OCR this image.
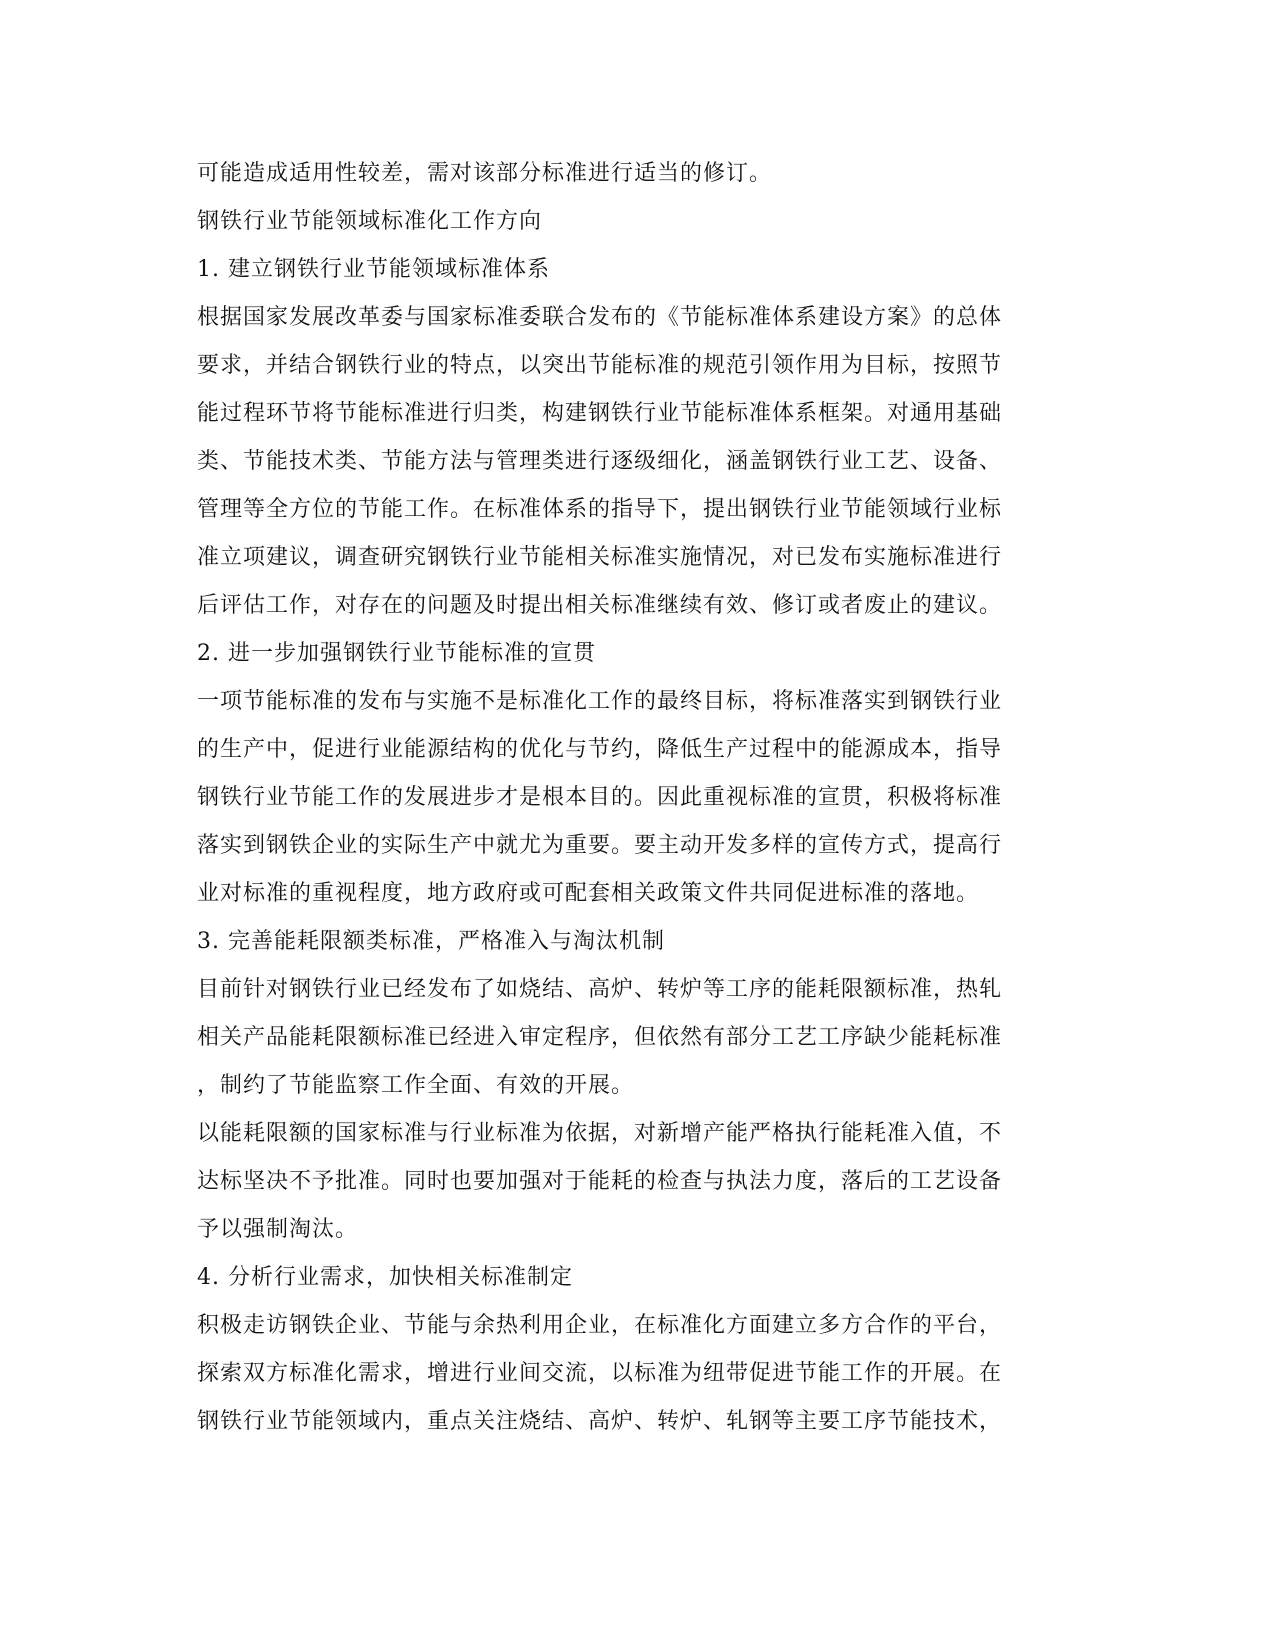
可能造成适用性较差，需对该部分标准进行适当的修订。
钢铁行业节能领域标准化工作方向
1. 建立钢铁行业节能领域标准体系
根据国家发展改革委与国家标准委联合发布的《节能标准体系建设方案》的总体
要求，并结合钢铁行业的特点，以突出节能标准的规范引领作用为目标，按照节
能过程环节将节能标准进行归类，构建钢铁行业节能标准体系框架。对通用基础
类、节能技术类、节能方法与管理类进行逐级细化，涵盖钢铁行业工艺、设备、
管理等全方位的节能工作。在标准体系的指导下，提出钢铁行业节能领域行业标
准立项建议，调查研究钢铁行业节能相关标准实施情况，对已发布实施标准进行
后评估工作，对存在的问题及时提出相关标准继续有效、修订或者废止的建议。
2. 进一步加强钢铁行业节能标准的宣贯
一项节能标准的发布与实施不是标准化工作的最终目标，将标准落实到钢铁行业
的生产中，促进行业能源结构的优化与节约，降低生产过程中的能源成本，指导
钢铁行业节能工作的发展进步才是根本目的。因此重视标准的宣贯，积极将标准
落实到钢铁企业的实际生产中就尤为重要。要主动开发多样的宣传方式，提高行
业对标准的重视程度，地方政府或可配套相关政策文件共同促进标准的落地。
3. 完善能耗限额类标准，严格准入与淘汰机制
目前针对钢铁行业已经发布了如烧结、高炉、转炉等工序的能耗限额标准，热轧
相关产品能耗限额标准已经进入审定程序，但依然有部分工艺工序缺少能耗标准
，制约了节能监察工作全面、有效的开展。
以能耗限额的国家标准与行业标准为依据，对新增产能严格执行能耗准入值，不
达标坚决不予批准。同时也要加强对于能耗的检查与执法力度，落后的工艺设备
予以强制淘汰。
4. 分析行业需求，加快相关标准制定
积极走访钢铁企业、节能与余热利用企业，在标准化方面建立多方合作的平台，
探索双方标准化需求，增进行业间交流，以标准为纽带促进节能工作的开展。在
钢铁行业节能领域内，重点关注烧结、高炉、转炉、轧钢等主要工序节能技术，
